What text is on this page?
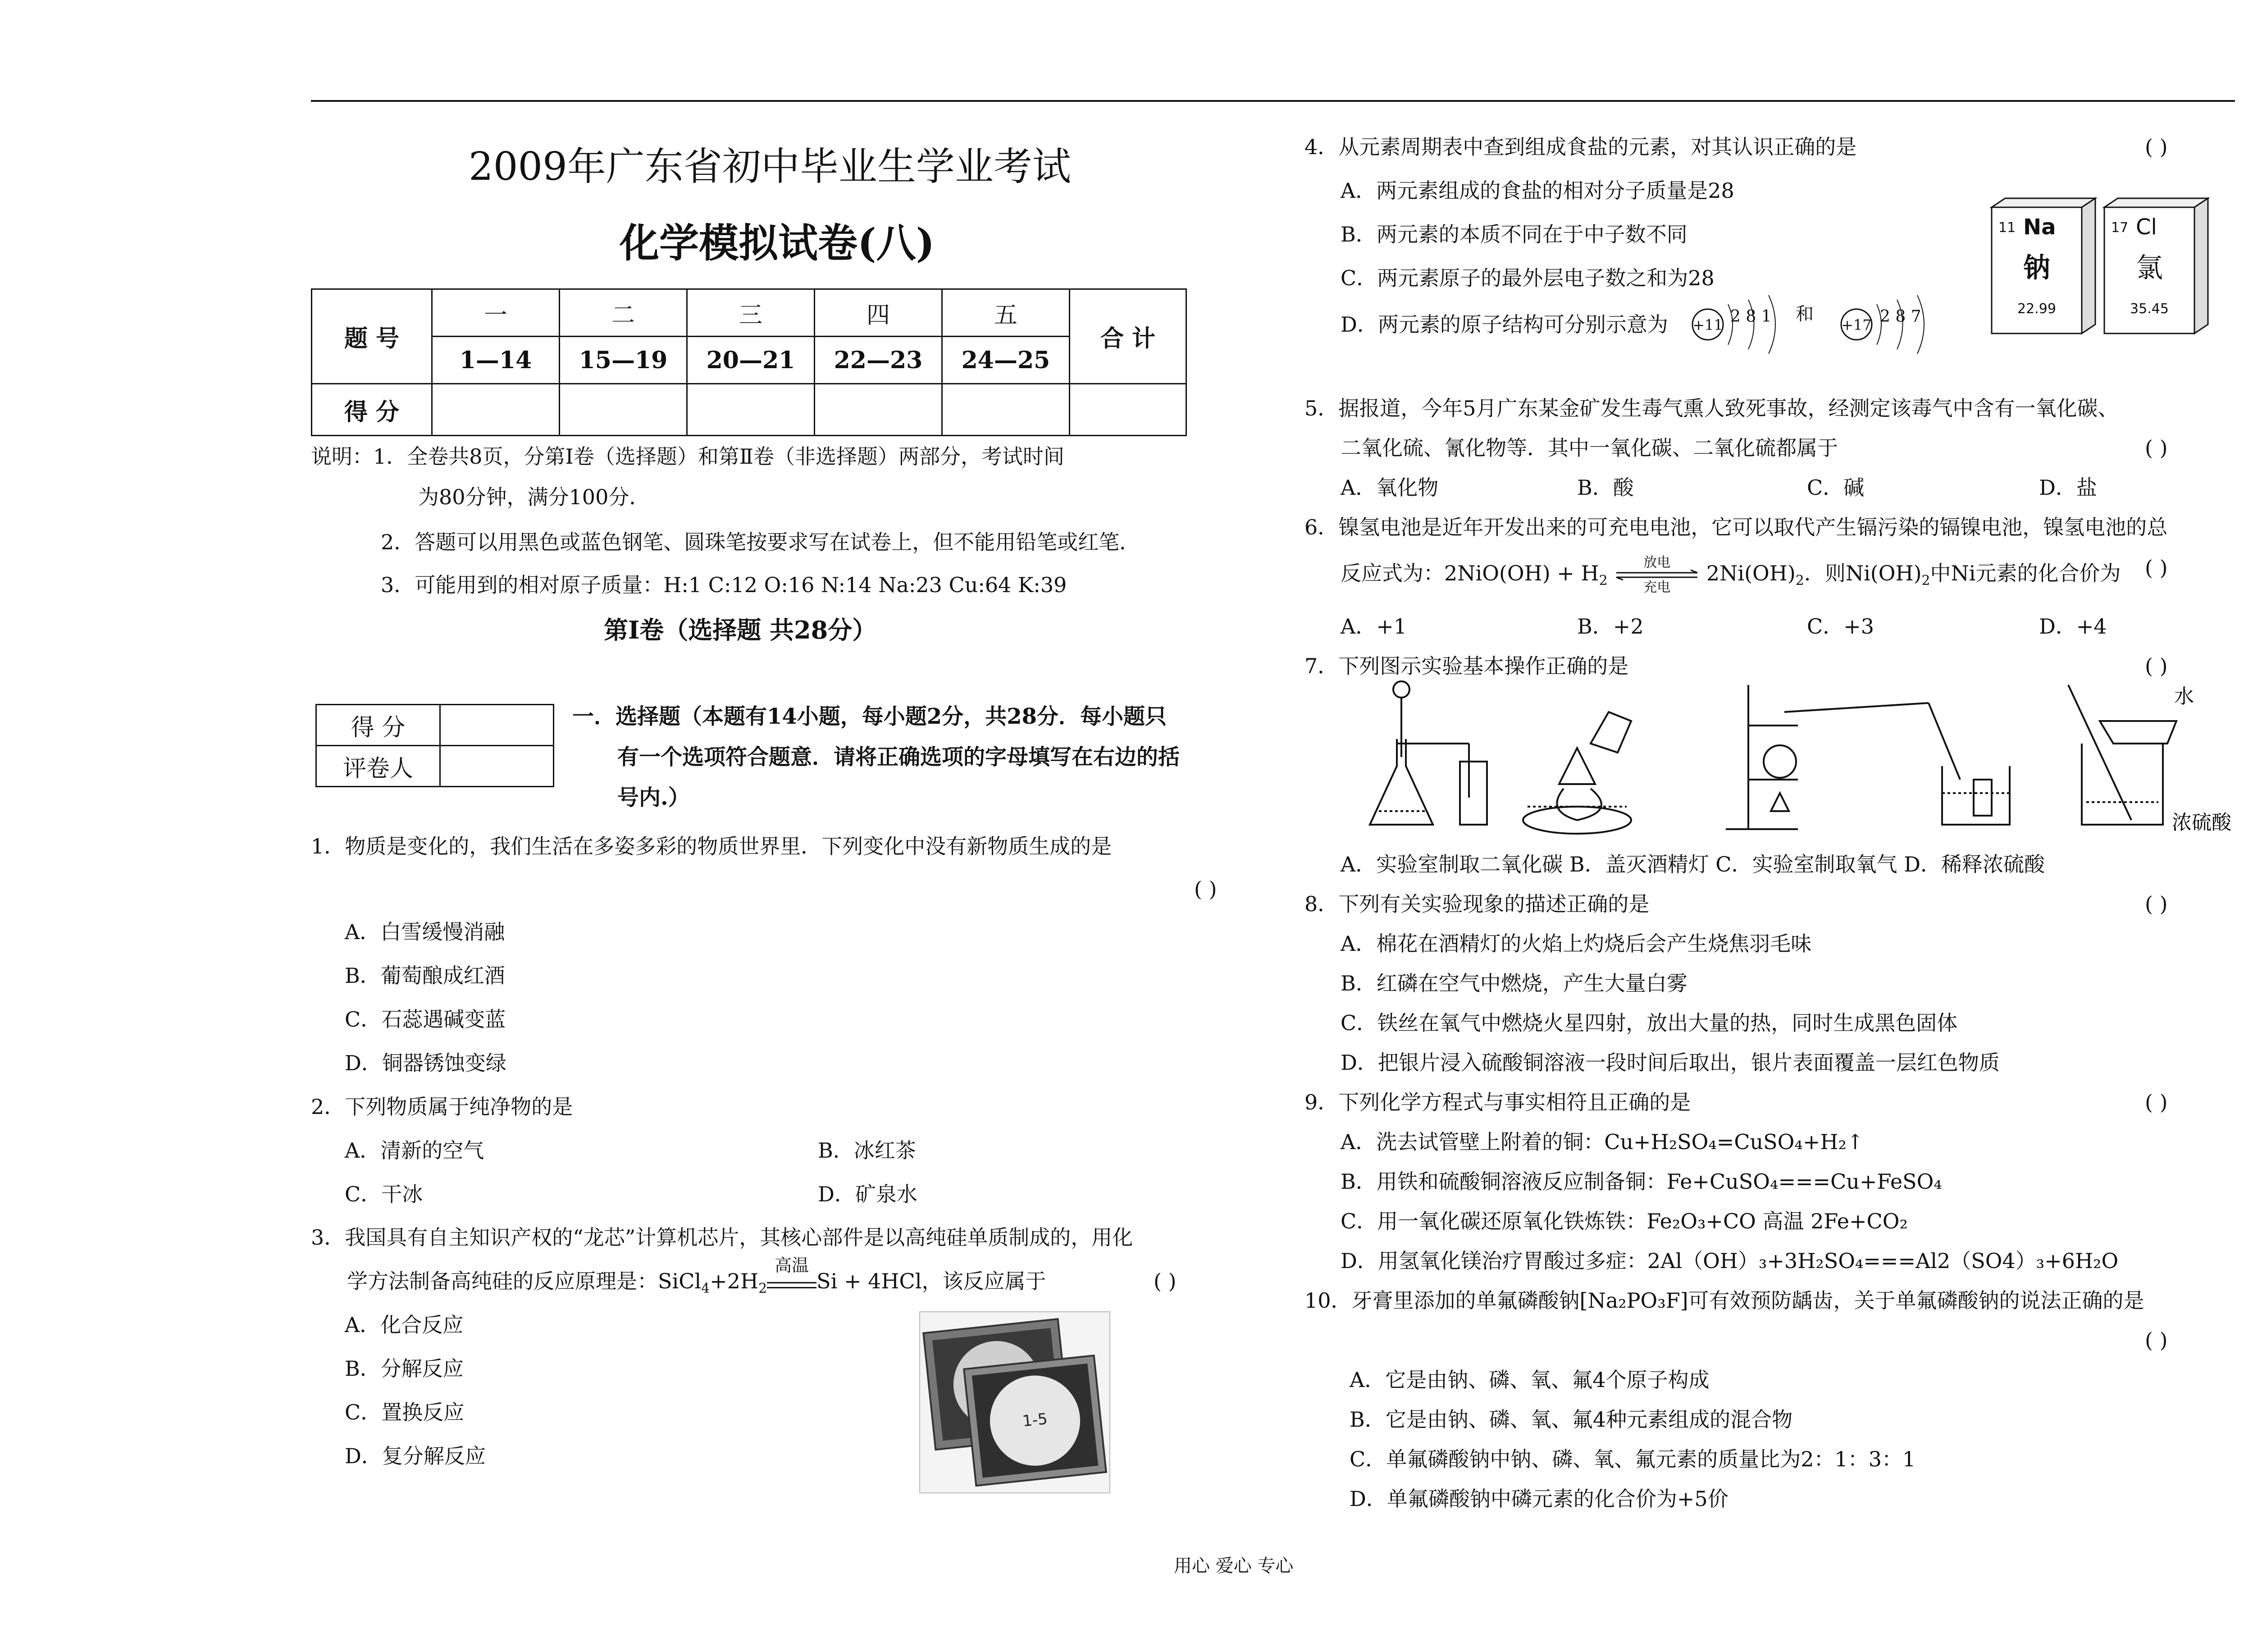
2009年广东省初中毕业生学业考试
化学模拟试卷(八)
题 号	一	二	三	四	五	合 计
	1—14	15—19	20—21	22—23	24—25	
得 分						
说明：1．全卷共8页，分第Ⅰ卷（选择题）和第Ⅱ卷（非选择题）两部分，考试时间
为80分钟，满分100分．
2．答题可以用黑色或蓝色钢笔、圆珠笔按要求写在试卷上，但不能用铅笔或红笔．
3．可能用到的相对原子质量：H:1 C:12 O:16 N:14 Na:23 Cu:64 K:39
第Ⅰ卷（选择题 共28分）
得 分	
评卷人	
一．选择题（本题有14小题，每小题2分，共28分．每小题只
有一个选项符合题意．请将正确选项的字母填写在右边的括
号内.）
1．物质是变化的，我们生活在多姿多彩的物质世界里．下列变化中没有新物质生成的是
( )
A．白雪缓慢消融
B．葡萄酿成红酒
C．石蕊遇碱变蓝
D．铜器锈蚀变绿
2．下列物质属于纯净物的是
A．清新的空气	B．冰红茶
C．干冰	D．矿泉水
3．我国具有自主知识产权的“龙芯”计算机芯片，其核心部件是以高纯硅单质制成的，用化
学方法制备高纯硅的反应原理是：$SiCl_4+2H_2$
高温
Si + 4HCl，该反应属于	( )
A．化合反应
B．分解反应
C．置换反应
D．复分解反应
1-5
4．从元素周期表中查到组成食盐的元素，对其认识正确的是	( )
A．两元素组成的食盐的相对分子质量是28
B．两元素的本质不同在于中子数不同
C．两元素原子的最外层电子数之和为28
D．两元素的原子结构可分别示意为 +11 2 8 1 和
+17 2 8 7
11 Na
钠
22.99
17 Cl
氯
35.45
5．据报道，今年5月广东某金矿发生毒气熏人致死事故，经测定该毒气中含有一氧化碳、
二氧化硫、氰化物等．其中一氧化碳、二氧化硫都属于	( )
A．氧化物	B．酸	C．碱	D．盐
6．镍氢电池是近年开发出来的可充电电池，它可以取代产生镉污染的镉镍电池，镍氢电池的总
反应式为：$2NiO(OH) + H_2$
放电
充电
$2Ni(OH)_2$．则$Ni(OH)_2$中Ni元素的化合价为 ( )
A．+1	B．+2	C．+3	D．+4
7．下列图示实验基本操作正确的是	( )
水
浓硫酸
A．实验室制取二氧化碳 B．盖灭酒精灯 C．实验室制取氧气 D．稀释浓硫酸
8．下列有关实验现象的描述正确的是	( )
A．棉花在酒精灯的火焰上灼烧后会产生烧焦羽毛味
B．红磷在空气中燃烧，产生大量白雾
C．铁丝在氧气中燃烧火星四射，放出大量的热，同时生成黑色固体
D．把银片浸入硫酸铜溶液一段时间后取出，银片表面覆盖一层红色物质
9．下列化学方程式与事实相符且正确的是	( )
A．洗去试管壁上附着的铜：Cu+H₂SO₄=CuSO₄+H₂↑
B．用铁和硫酸铜溶液反应制备铜：Fe+CuSO₄===Cu+FeSO₄
C．用一氧化碳还原氧化铁炼铁：Fe₂O₃+CO 高温 2Fe+CO₂
D．用氢氧化镁治疗胃酸过多症：2Al（OH）₃+3H₂SO₄===Al2（SO4）₃+6H₂O
10．牙膏里添加的单氟磷酸钠[Na₂PO₃F]可有效预防龋齿，关于单氟磷酸钠的说法正确的是
( )
A．它是由钠、磷、氧、氟4个原子构成
B．它是由钠、磷、氧、氟4种元素组成的混合物
C．单氟磷酸钠中钠、磷、氧、氟元素的质量比为2：1：3：1
D．单氟磷酸钠中磷元素的化合价为+5价
用心 爱心 专心
